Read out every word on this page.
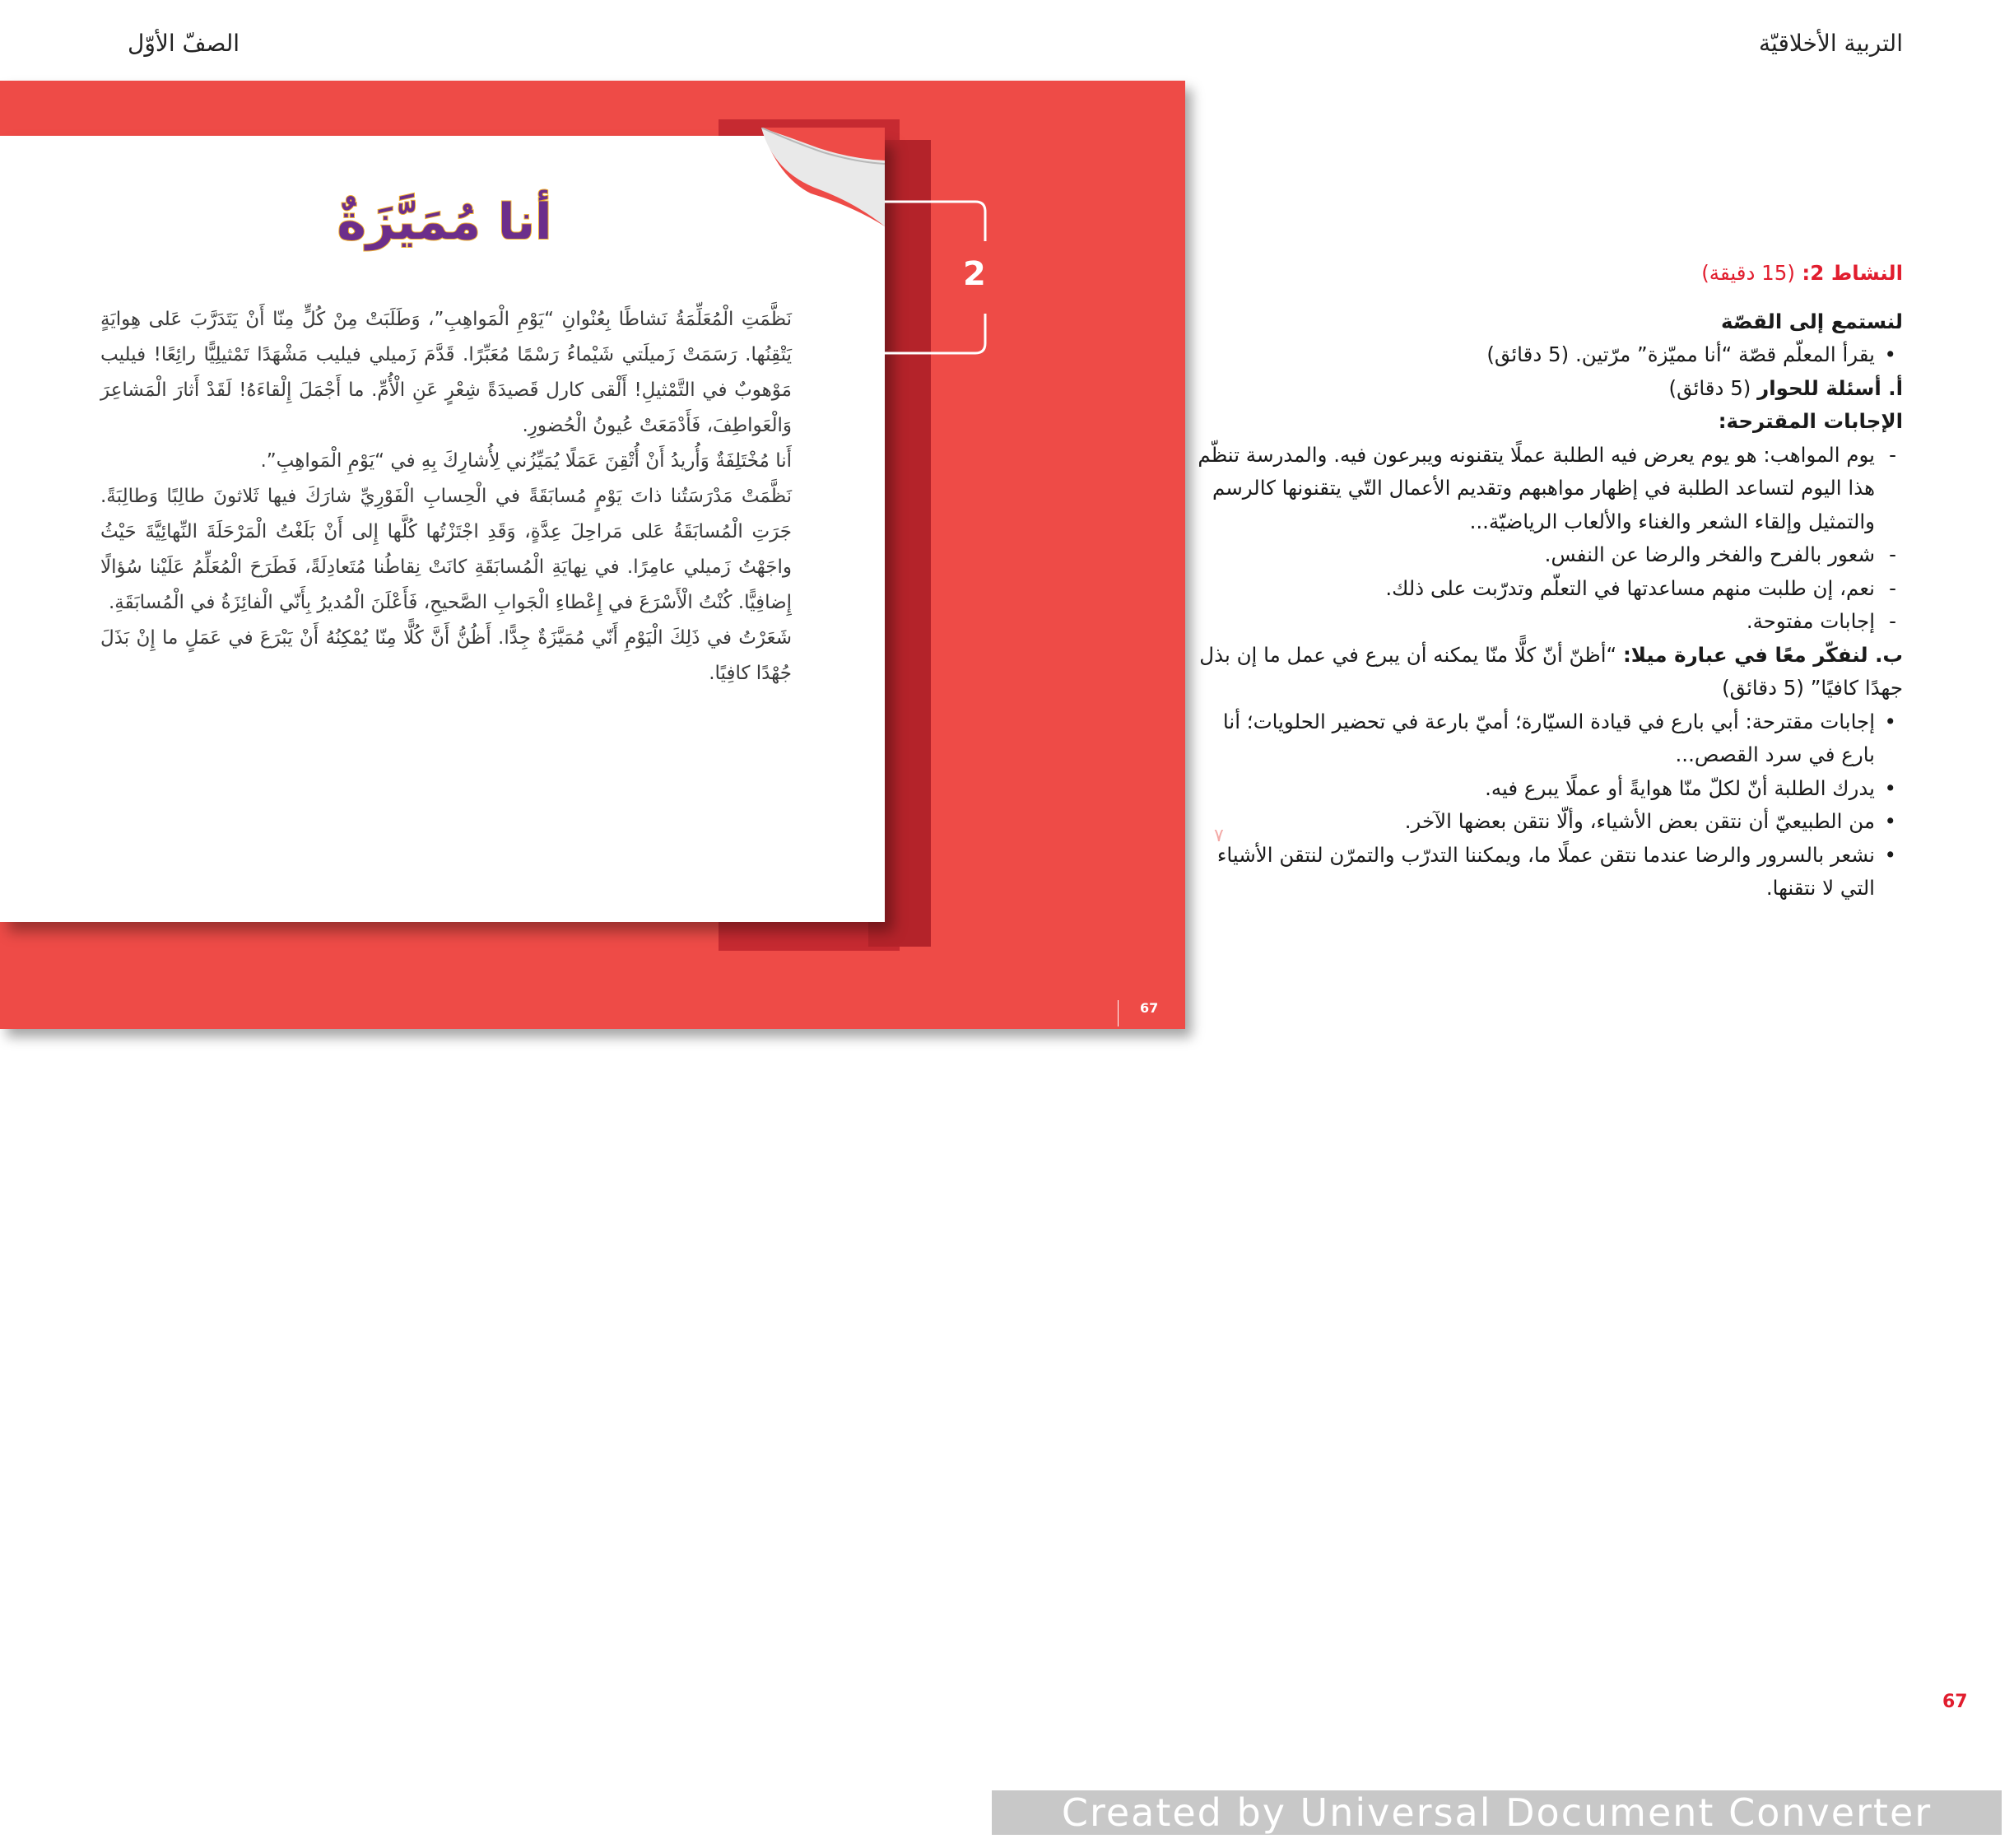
الصفّ الأوّل	التربية الأخلاقيّة
2
أنا مُمَيَّزَةٌ

نَظَّمَتِ الْمُعَلِّمَةُ نَشاطًا بِعُنْوانِ “يَوْمِ الْمَواهِبِ”، وَطَلَبَتْ مِنْ كُلٍّ مِنّا أَنْ يَتَدَرَّبَ عَلى هِوايَةٍ يَتْقِنُها. رَسَمَتْ زَميلَتي شَيْماءُ رَسْمًا مُعَبِّرًا. قَدَّمَ زَميلي فيليب مَشْهَدًا تَمْثيلِيًّا رائِعًا! فيليب مَوْهوبٌ في التَّمْثيلِ! أَلْقى كارل قَصيدَةً شِعْرٍ عَنِ الْأُمِّ. ما أَجْمَلَ إِلْقاءَهُ! لَقَدْ أَثارَ الْمَشاعِرَ وَالْعَواطِفَ، فَأَدْمَعَتْ عُيونُ الْحُضورِ.

أَنا مُخْتَلِفَةٌ وَأُريدُ أَنْ أُتْقِنَ عَمَلًا يُمَيِّزُني لِأُشارِكَ بِهِ في “يَوْمِ الْمَواهِبِ”.

نَظَّمَتْ مَدْرَسَتُنا ذاتَ يَوْمٍ مُسابَقَةً في الْحِسابِ الْفَوْرِيِّ شارَكَ فيها ثَلاثونَ طالِبًا وَطالِبَةً. جَرَتِ الْمُسابَقَةُ عَلى مَراحِلَ عِدَّةٍ، وَقَدِ اجْتَزْتُها كُلَّها إِلى أَنْ بَلَغْتُ الْمَرْحَلَةَ النِّهائِيَّةَ حَيْثُ واجَهْتُ زَميلي عامِرًا. في نِهايَةِ الْمُسابَقَةِ كانَتْ نِقاطُنا مُتَعادِلَةً، فَطَرَحَ الْمُعَلِّمُ عَلَيْنا سُؤالًا إِضافِيًّا. كُنْتُ الْأَسْرَعَ في إِعْطاءِ الْجَوابِ الصَّحيحِ، فَأَعْلَنَ الْمُديرُ بِأَنّي الْفائِزَةُ في الْمُسابَقَةِ.

شَعَرْتُ في ذَلِكَ الْيَوْمِ أَنّي مُمَيَّزَةٌ جِدًّا. أَظُنُّ أَنَّ كُلًّا مِنّا يُمْكِنُهُ أَنْ يَبْرَعَ في عَمَلٍ ما إِنْ بَذَلَ جُهْدًا كافِيًا.

٧
67

النشاط 2: (15 دقيقة)

لنستمع إلى القصّة

• يقرأ المعلّم قصّة “أنا مميّزة” مرّتين. (5 دقائق)

أ. أسئلة للحوار (5 دقائق)

الإجابات المقترحة:

- يوم المواهب: هو يوم يعرض فيه الطلبة عملًا يتقنونه ويبرعون فيه. والمدرسة تنظّم هذا اليوم لتساعد الطلبة في إظهار مواهبهم وتقديم الأعمال التّي يتقنونها كالرسم والتمثيل وإلقاء الشعر والغناء والألعاب الرياضيّة...
- شعور بالفرح والفخر والرضا عن النفس.
- نعم، إن طلبت منهم مساعدتها في التعلّم وتدرّبت على ذلك.
- إجابات مفتوحة.

ب. لنفكّر معًا في عبارة ميلا: “أظنّ أنّ كلًّا منّا يمكنه أن يبرع في عمل ما إن بذل جهدًا كافيًا” (5 دقائق)

• إجابات مقترحة: أبي بارع في قيادة السيّارة؛ أميّ بارعة في تحضير الحلويات؛ أنا بارع في سرد القصص...
• يدرك الطلبة أنّ لكلّ منّا هوايةً أو عملًا يبرع فيه.
• من الطبيعيّ أن نتقن بعض الأشياء، وألّا نتقن بعضها الآخر.
• نشعر بالسرور والرضا عندما نتقن عملًا ما، ويمكننا التدرّب والتمرّن لنتقن الأشياء التي لا نتقنها.
67
Created by Universal Document Converter
